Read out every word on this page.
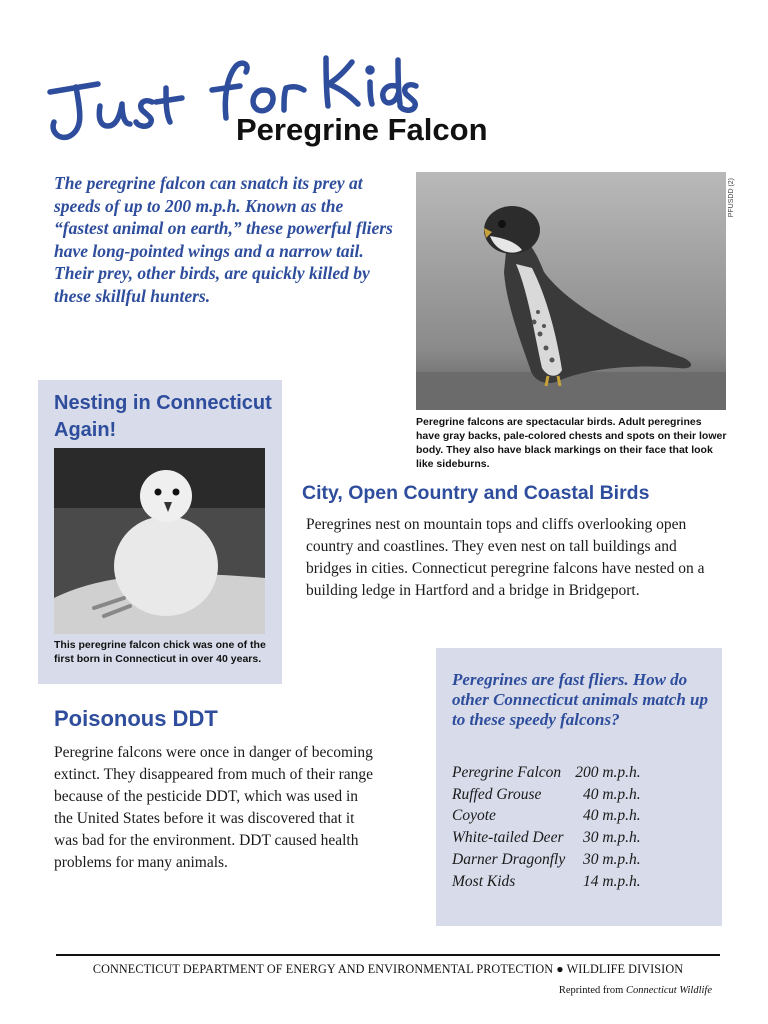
Peregrine Falcon
The peregrine falcon can snatch its prey at speeds of up to 200 m.p.h. Known as the “fastest animal on earth,” these powerful fliers have long-pointed wings and a narrow tail. Their prey, other birds, are quickly killed by these skillful hunters.
PFUSDD (2)
Peregrine falcons are spectacular birds. Adult peregrines have gray backs, pale-colored chests and spots on their lower body. They also have black markings on their face that look like sideburns.
Nesting in Connecticut Again!
This peregrine falcon chick was one of the first born in Connecticut in over 40 years.
City, Open Country and Coastal Birds
Peregrines nest on mountain tops and cliffs overlooking open country and coastlines. They even nest on tall buildings and bridges in cities. Connecticut peregrine falcons have nested on a building ledge in Hartford and a bridge in Bridgeport.
Poisonous DDT
Peregrine falcons were once in danger of becoming extinct. They disappeared from much of their range because of the pesticide DDT, which was used in the United States before it was discovered that it was bad for the environment. DDT caused health problems for many animals.
Peregrines are fast fliers. How do other Connecticut animals match up to these speedy falcons?
Peregrine Falcon	200 m.p.h.
Ruffed Grouse	40 m.p.h.
Coyote	40 m.p.h.
White-tailed Deer	30 m.p.h.
Darner Dragonfly	30 m.p.h.
Most Kids	14 m.p.h.
CONNECTICUT DEPARTMENT OF ENERGY AND ENVIRONMENTAL PROTECTION ● WILDLIFE DIVISION
Reprinted from Connecticut Wildlife
